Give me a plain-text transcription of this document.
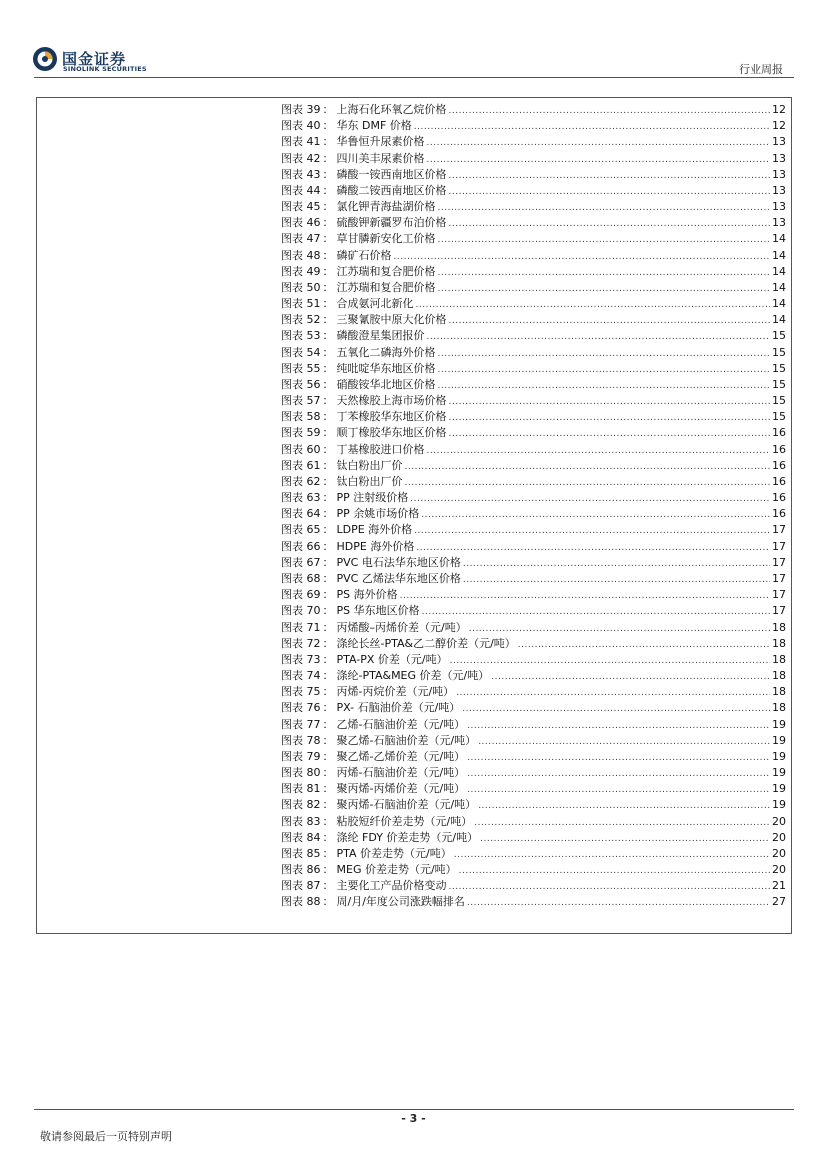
国金证券
SINOLINK SECURITIES	行业周报
图表 39 ： 上海石化环氧乙烷价格 .....	12
图表 40 ： 华东 DMF 价格 .....	12
图表 41 ： 华鲁恒升尿素价格 .....	13
图表 42 ： 四川美丰尿素价格 .....	13
图表 43 ： 磷酸一铵西南地区价格 .....	13
图表 44 ： 磷酸二铵西南地区价格 .....	13
图表 45 ： 氯化钾青海盐湖价格 .....	13
图表 46 ： 硫酸钾新疆罗布泊价格 .....	13
图表 47 ： 草甘膦新安化工价格 .....	14
图表 48 ： 磷矿石价格 .....	14
图表 49 ： 江苏瑞和复合肥价格 .....	14
图表 50 ： 江苏瑞和复合肥价格 .....	14
图表 51 ： 合成氨河北新化 .....	14
图表 52 ： 三聚氰胺中原大化价格 .....	14
图表 53 ： 磷酸澄星集团报价 .....	15
图表 54 ： 五氧化二磷海外价格 .....	15
图表 55 ： 纯吡啶华东地区价格 .....	15
图表 56 ： 硝酸铵华北地区价格 .....	15
图表 57 ： 天然橡胶上海市场价格 .....	15
图表 58 ： 丁苯橡胶华东地区价格 .....	15
图表 59 ： 顺丁橡胶华东地区价格 .....	16
图表 60 ： 丁基橡胶进口价格 .....	16
图表 61 ： 钛白粉出厂价 .....	16
图表 62 ： 钛白粉出厂价 .....	16
图表 63 ： PP 注射级价格 .....	16
图表 64 ： PP 余姚市场价格 .....	16
图表 65 ： LDPE 海外价格 .....	17
图表 66 ： HDPE 海外价格 .....	17
图表 67 ： PVC 电石法华东地区价格 .....	17
图表 68 ： PVC 乙烯法华东地区价格 .....	17
图表 69 ： PS 海外价格 .....	17
图表 70 ： PS 华东地区价格 .....	17
图表 71 ： 丙烯酸–丙烯价差（元/吨） .....	18
图表 72 ： 涤纶长丝-PTA&乙二醇价差（元/吨） .....	18
图表 73 ： PTA-PX 价差（元/吨） .....	18
图表 74 ： 涤纶-PTA&MEG 价差（元/吨） .....	18
图表 75 ： 丙烯-丙烷价差（元/吨） .....	18
图表 76 ： PX- 石脑油价差（元/吨） .....	18
图表 77 ： 乙烯-石脑油价差（元/吨） .....	19
图表 78 ： 聚乙烯-石脑油价差（元/吨） .....	19
图表 79 ： 聚乙烯-乙烯价差（元/吨） .....	19
图表 80 ： 丙烯-石脑油价差（元/吨） .....	19
图表 81 ： 聚丙烯-丙烯价差（元/吨） .....	19
图表 82 ： 聚丙烯-石脑油价差（元/吨） .....	19
图表 83 ： 粘胶短纤价差走势（元/吨） .....	20
图表 84 ： 涤纶 FDY 价差走势（元/吨） .....	20
图表 85 ： PTA 价差走势（元/吨） .....	20
图表 86 ： MEG 价差走势（元/吨） .....	20
图表 87 ： 主要化工产品价格变动 .....	21
图表 88 ： 周/月/年度公司涨跌幅排名 .....	27
- 3 -
敬请参阅最后一页特别声明
